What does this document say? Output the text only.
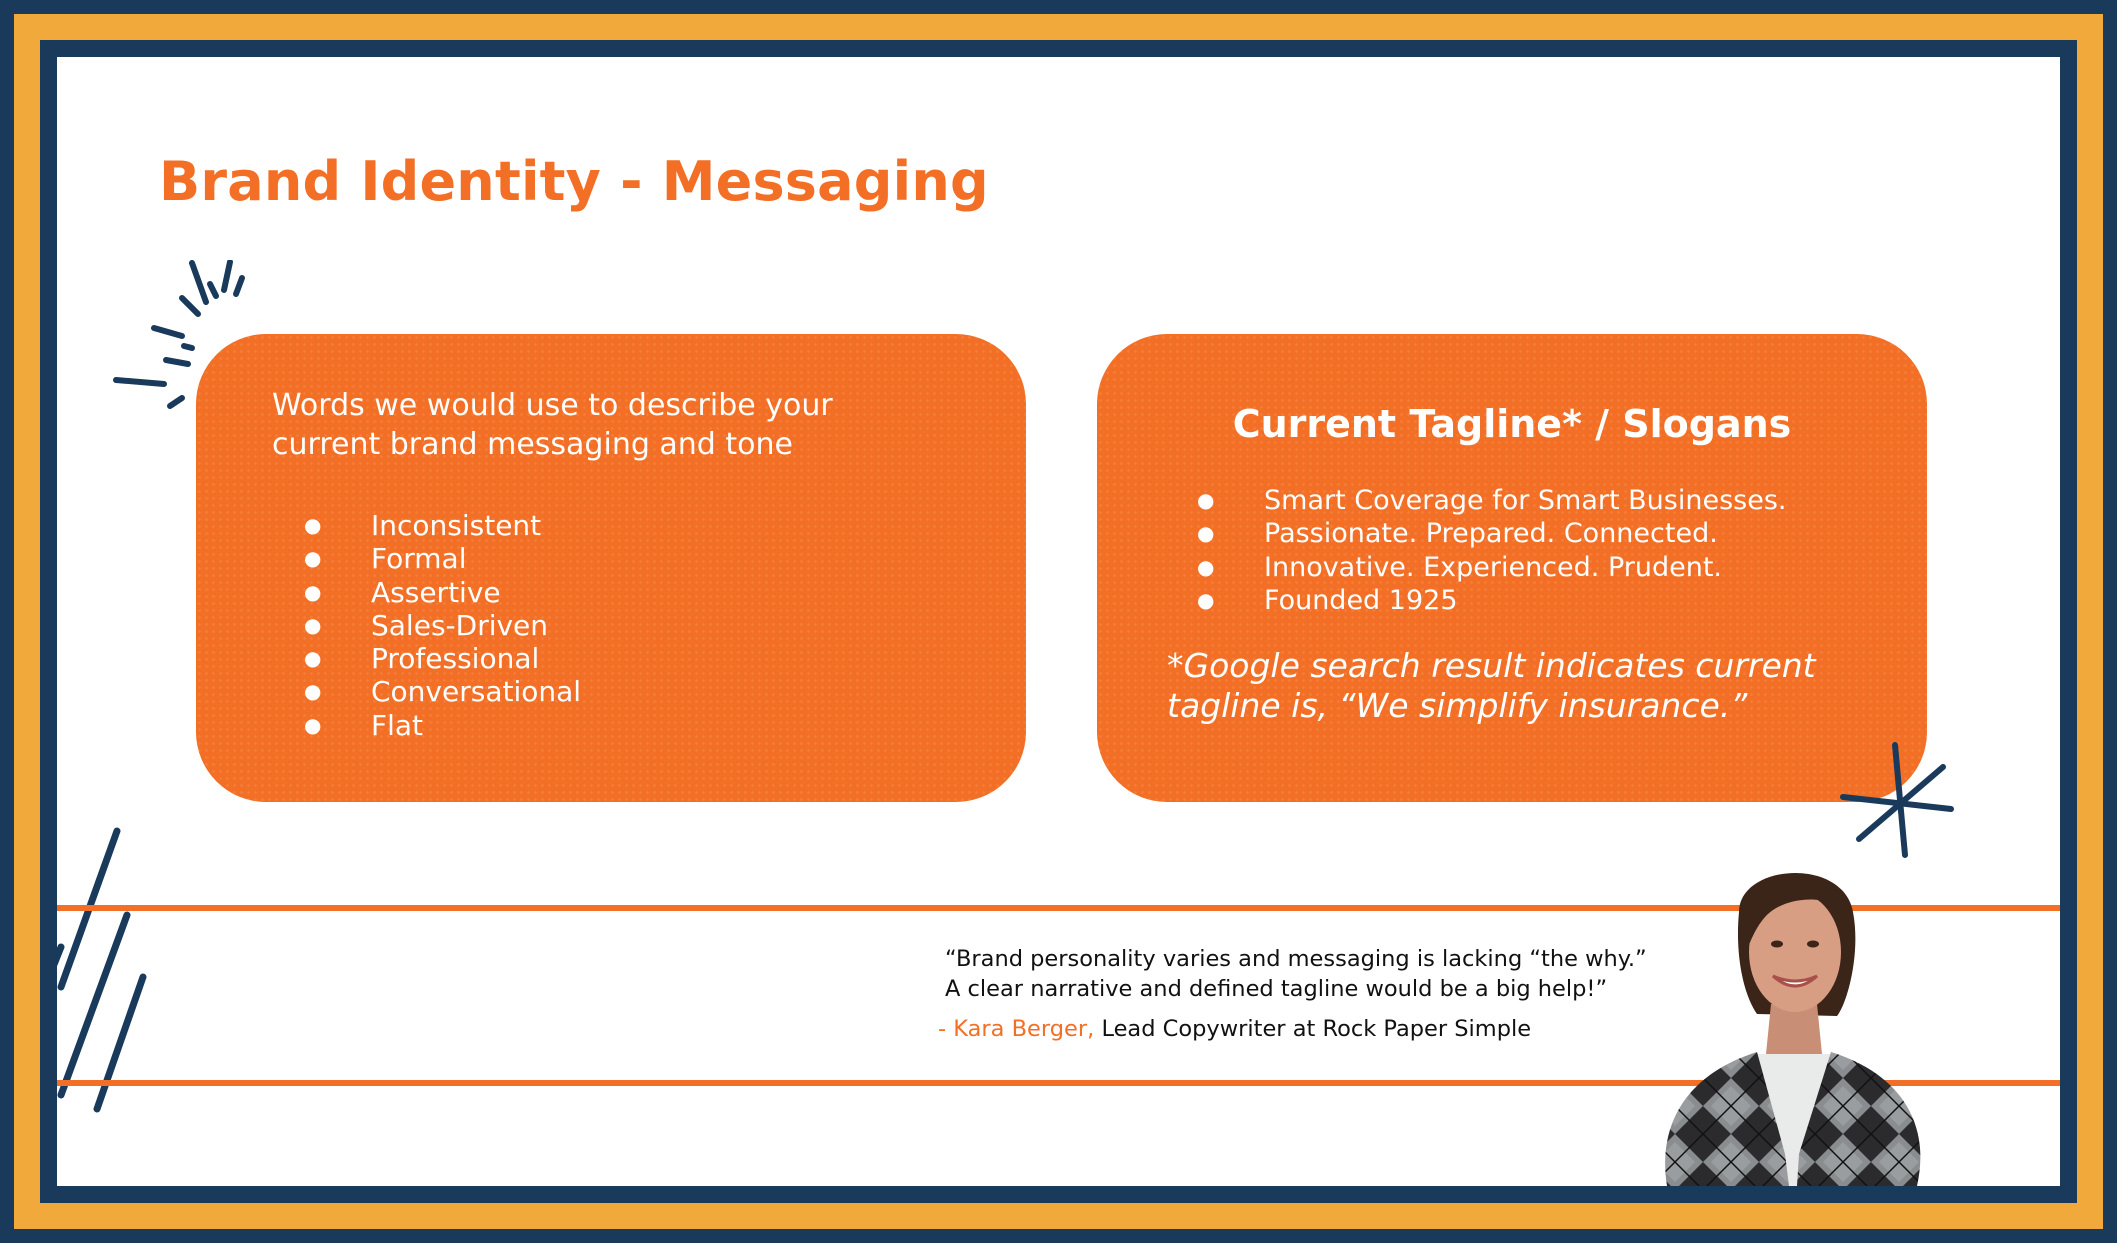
Brand Identity - Messaging
Words we would use to describe your current brand messaging and tone
● Inconsistent
● Formal
● Assertive
● Sales-Driven
● Professional
● Conversational
● Flat
Current Tagline* / Slogans
● Smart Coverage for Smart Businesses.
● Passionate. Prepared. Connected.
● Innovative. Experienced. Prudent.
● Founded 1925
*Google search result indicates current tagline is, “We simplify insurance.”
“Brand personality varies and messaging is lacking “the why.”
A clear narrative and defined tagline would be a big help!”
- Kara Berger, Lead Copywriter at Rock Paper Simple
